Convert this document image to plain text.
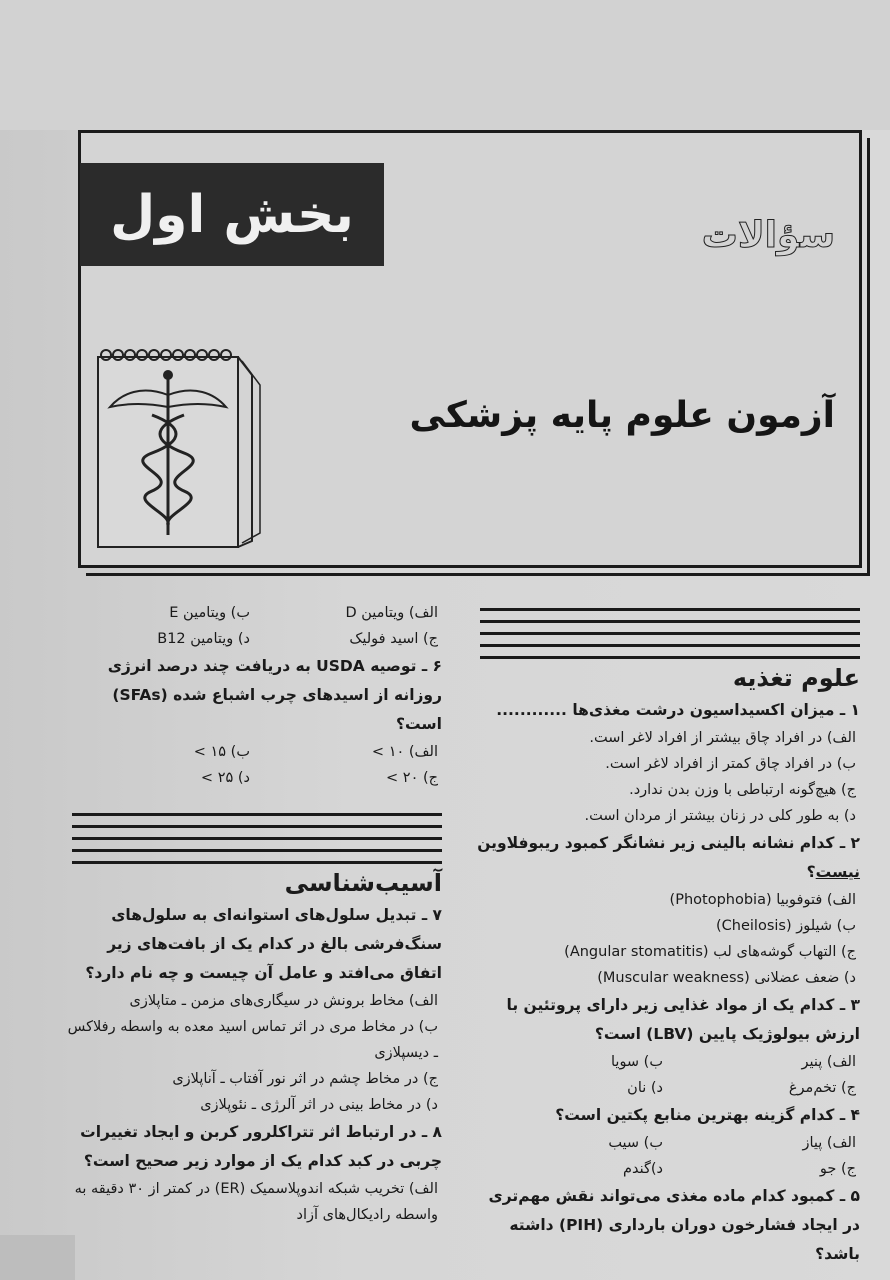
بخش اول	سؤالات
آزمون علوم پایه پزشکی
علوم تغذیه

۱ ـ میزان اکسیداسیون درشت مغذی‌ها ............

الف) در افراد چاق بیشتر از افراد لاغر است.

ب) در افراد چاق کمتر از افراد لاغر است.

ج) هیچ‌گونه ارتباطی با وزن بدن ندارد.

د) به طور کلی در زنان بیشتر از مردان است.

۲ ـ کدام نشانه بالینی زیر نشانگر کمبود ریبوفلاوین نیست؟

الف) فتوفوبیا (Photophobia)

ب) شیلوز (Cheilosis)

ج) التهاب گوشه‌های لب (Angular stomatitis)

د) ضعف عضلانی (Muscular weakness)

۳ ـ کدام یک از مواد غذایی زیر دارای پروتئین با ارزش بیولوژیک پایین (LBV) است؟

الف) پنیر
ب) سویا
ج) تخم‌مرغ
د) نان

۴ ـ کدام گزینه بهترین منابع پکتین است؟

الف) پیاز
ب) سیب
ج) جو
د)گندم

۵ ـ کمبود کدام ماده مغذی می‌تواند نقش مهم‌تری در ایجاد فشارخون دوران بارداری (PIH) داشته باشد؟

الف) ویتامین D
ب) ویتامین E
ج) اسید فولیک
د) ویتامین B12

۶ ـ توصیه USDA به دریافت چند درصد انرژی روزانه از اسیدهای چرب اشباع شده (SFAs) است؟

الف) ۱۰ >
ب) ۱۵ >
ج) ۲۰ >
د) ۲۵ >
آسیب‌شناسی

۷ ـ تبدیل سلول‌های استوانه‌ای به سلول‌های سنگ‌فرشی بالغ در کدام یک از بافت‌های زیر اتفاق می‌افتد و عامل آن چیست و چه نام دارد؟

الف) مخاط برونش در سیگاری‌های مزمن ـ متاپلازی

ب) در مخاط مری در اثر تماس اسید معده به واسطه رفلاکس ـ دیسپلازی

ج) در مخاط چشم در اثر نور آفتاب ـ آناپلازی

د) در مخاط بینی در اثر آلرژی ـ نئوپلازی

۸ ـ در ارتباط اثر تتراکلرور کربن و ایجاد تغییرات چربی در کبد کدام یک از موارد زیر صحیح است؟

الف) تخریب شبکه اندوپلاسمیک (ER) در کمتر از ۳۰ دقیقه به واسطه رادیکال‌های آزاد
